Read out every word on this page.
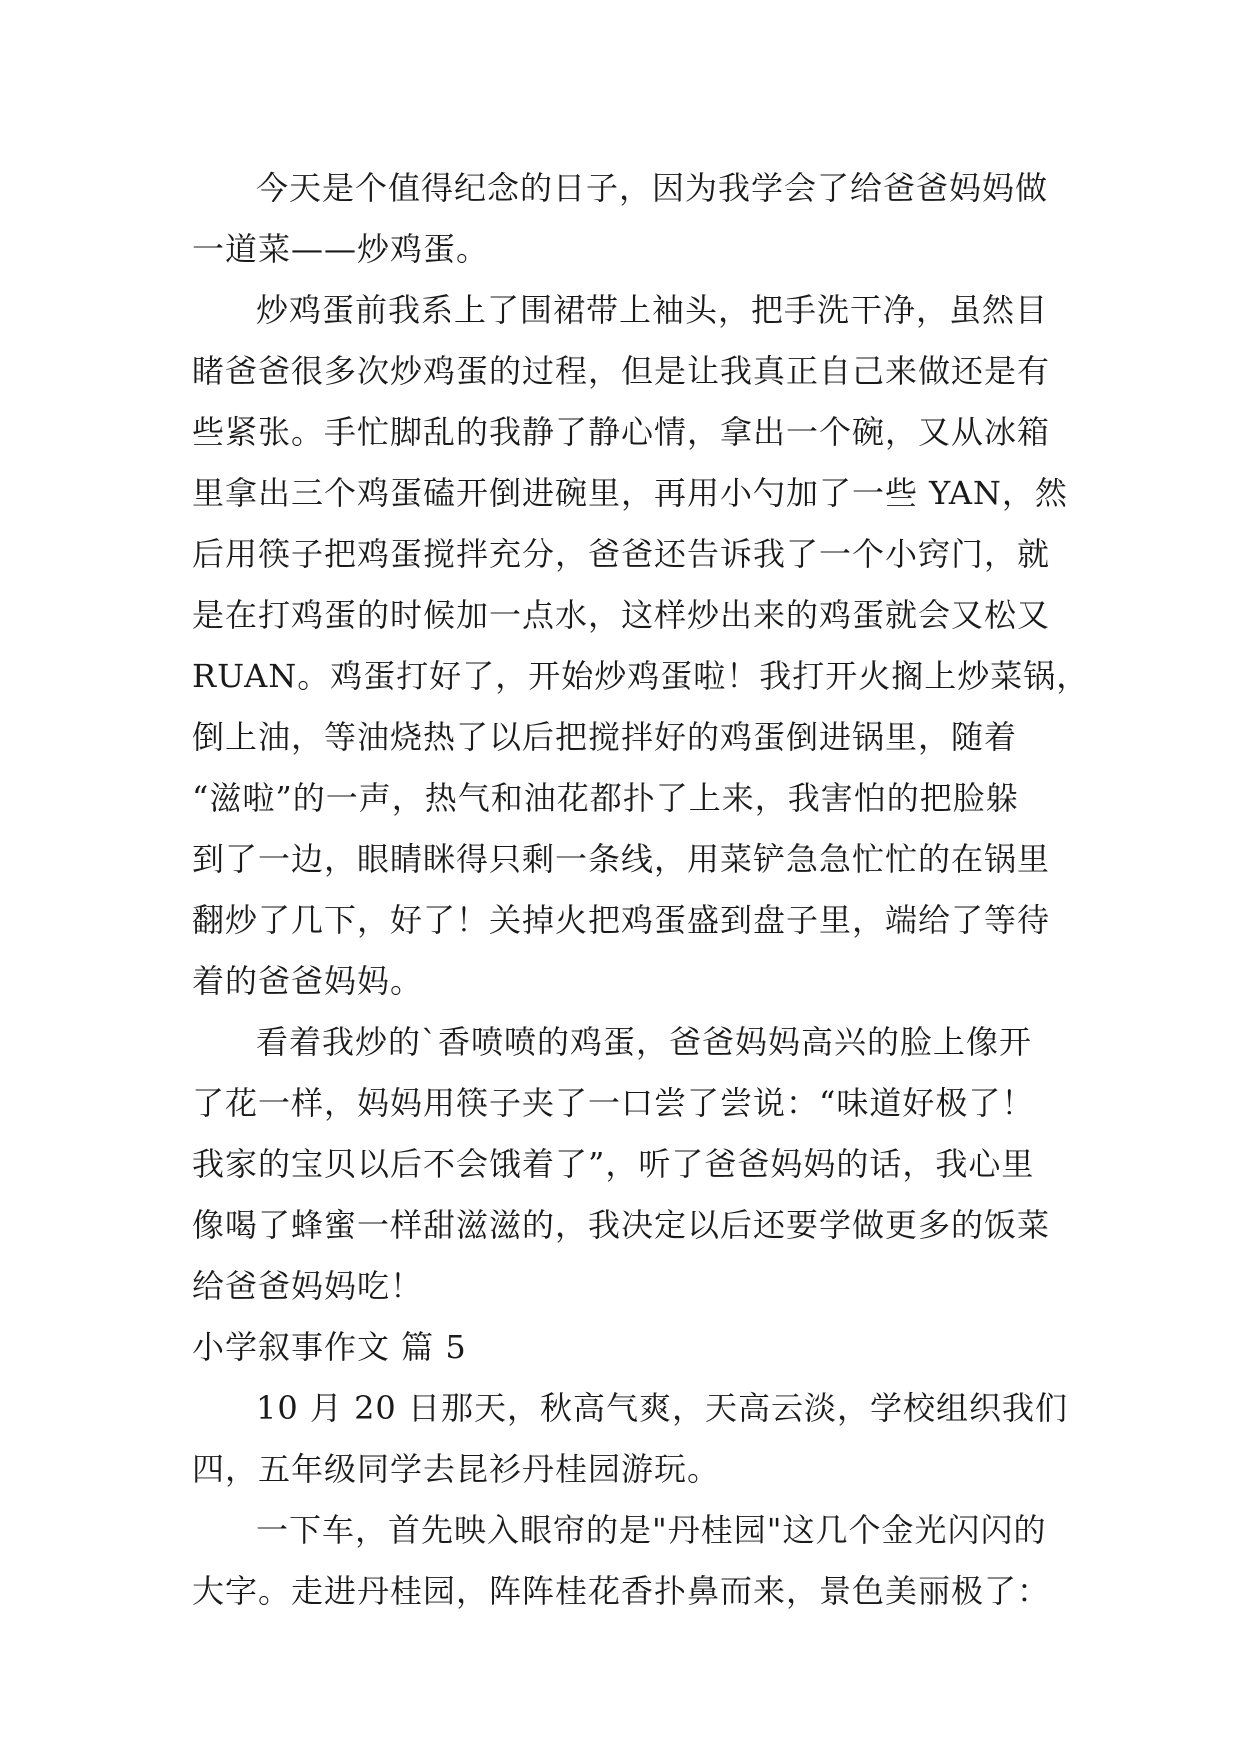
今天是个值得纪念的日子，因为我学会了给爸爸妈妈做
一道菜——炒鸡蛋。
炒鸡蛋前我系上了围裙带上袖头，把手洗干净，虽然目
睹爸爸很多次炒鸡蛋的过程，但是让我真正自己来做还是有
些紧张。手忙脚乱的我静了静心情，拿出一个碗，又从冰箱
里拿出三个鸡蛋磕开倒进碗里，再用小勺加了一些 YAN，然
后用筷子把鸡蛋搅拌充分，爸爸还告诉我了一个小窍门，就
是在打鸡蛋的时候加一点水，这样炒出来的鸡蛋就会又松又
RUAN。鸡蛋打好了，开始炒鸡蛋啦！我打开火搁上炒菜锅，
倒上油，等油烧热了以后把搅拌好的鸡蛋倒进锅里，随着
“滋啦”的一声，热气和油花都扑了上来，我害怕的把脸躲
到了一边，眼睛眯得只剩一条线，用菜铲急急忙忙的在锅里
翻炒了几下，好了！关掉火把鸡蛋盛到盘子里，端给了等待
着的爸爸妈妈。
看着我炒的`香喷喷的鸡蛋，爸爸妈妈高兴的脸上像开
了花一样，妈妈用筷子夹了一口尝了尝说：“味道好极了！
我家的宝贝以后不会饿着了”，听了爸爸妈妈的话，我心里
像喝了蜂蜜一样甜滋滋的，我决定以后还要学做更多的饭菜
给爸爸妈妈吃！
小学叙事作文 篇 5
10 月 20 日那天，秋高气爽，天高云淡，学校组织我们
四，五年级同学去昆衫丹桂园游玩。
一下车，首先映入眼帘的是"丹桂园"这几个金光闪闪的
大字。走进丹桂园，阵阵桂花香扑鼻而来，景色美丽极了：
